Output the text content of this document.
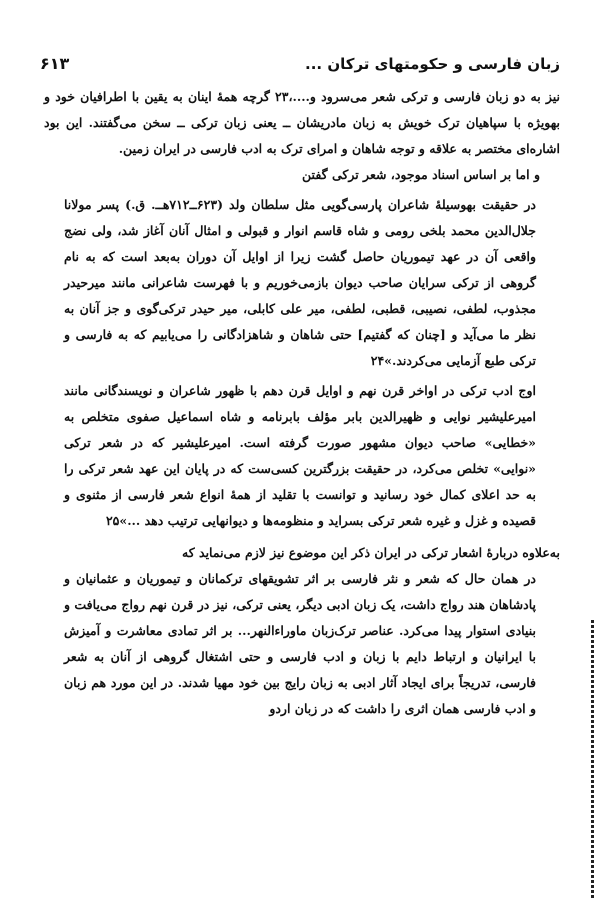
زبان فارسی و حکومتهای ترکان ...
۶۱۳

نیز به دو زبان فارسی و ترکی شعر می‌سرود و....،۲۳ گرچه همهٔ اینان به یقین با اطرافیان خود و بهویژه با سپاهیان ترک خویش به زبان مادریشان ــ یعنی زبان ترکی ــ سخن می‌گفتند. این بود اشاره‌ای مختصر به علاقه و توجه شاهان و امرای ترک به ادب فارسی در ایران زمین.

و اما بر اساس اسناد موجود، شعر ترکی گفتن

در حقیقت بهوسیلهٔ شاعران پارسی‌گویی مثل سلطان ولد (۶۲۳ــ۷۱۲هــ. ق.) پسر مولانا جلال‌الدین محمد بلخی رومی و شاه قاسم انوار و قبولی و امثال آنان آغاز شد، ولی نضج واقعی آن در عهد تیموریان حاصل گشت زیرا از اوایل آن دوران به‌بعد است که به نام گروهی از ترکی سرایان صاحب دیوان بازمی‌خوریم و با فهرست شاعرانی مانند میرحیدر مجذوب، لطفی، نصیبی، قطبی، لطفی، میر علی کابلی، میر حیدر ترکی‌گوی و جز آنان به نظر ما می‌آید و [چنان که گفتیم] حتی شاهان و شاهزادگانی را می‌یابیم که به فارسی و ترکی طبع آزمایی می‌کردند.»۲۴

اوج ادب ترکی در اواخر قرن نهم و اوایل قرن دهم با ظهور شاعران و نویسندگانی مانند امیرعلیشیر نوایی و ظهیرالدین بابر مؤلف بابرنامه و شاه اسماعیل صفوی متخلص به «خطایی» صاحب دیوان مشهور صورت گرفته است. امیرعلیشیر که در شعر ترکی «نوایی» تخلص می‌کرد، در حقیقت بزرگترین کسی‌ست که در پایان این عهد شعر ترکی را به حد اعلای کمال خود رسانید و توانست با تقلید از همهٔ انواع شعر فارسی از مثنوی و قصیده و غزل و غیره شعر ترکی بسراید و منظومه‌ها و دیوانهایی ترتیب دهد ...»۲۵

به‌علاوه دربارهٔ اشعار ترکی در ایران ذکر این موضوع نیز لازم می‌نماید که

در همان حال که شعر و نثر فارسی بر اثر تشویقهای ترکمانان و تیموریان و عثمانیان و پادشاهان هند رواج داشت، یک زبان ادبی دیگر، یعنی ترکی، نیز در قرن نهم رواج می‌یافت و بنیادی استوار پیدا می‌کرد. عناصر ترک‌زبان ماوراءالنهر... بر اثر تمادی معاشرت و آمیزش با ایرانیان و ارتباط دایم با زبان و ادب فارسی و حتی اشتغال گروهی از آنان به شعر فارسی، تدریجاً برای ایجاد آثار ادبی به زبان رایج بین خود مهیا شدند. در این مورد هم زبان و ادب فارسی همان اثری را داشت که در زبان اردو
